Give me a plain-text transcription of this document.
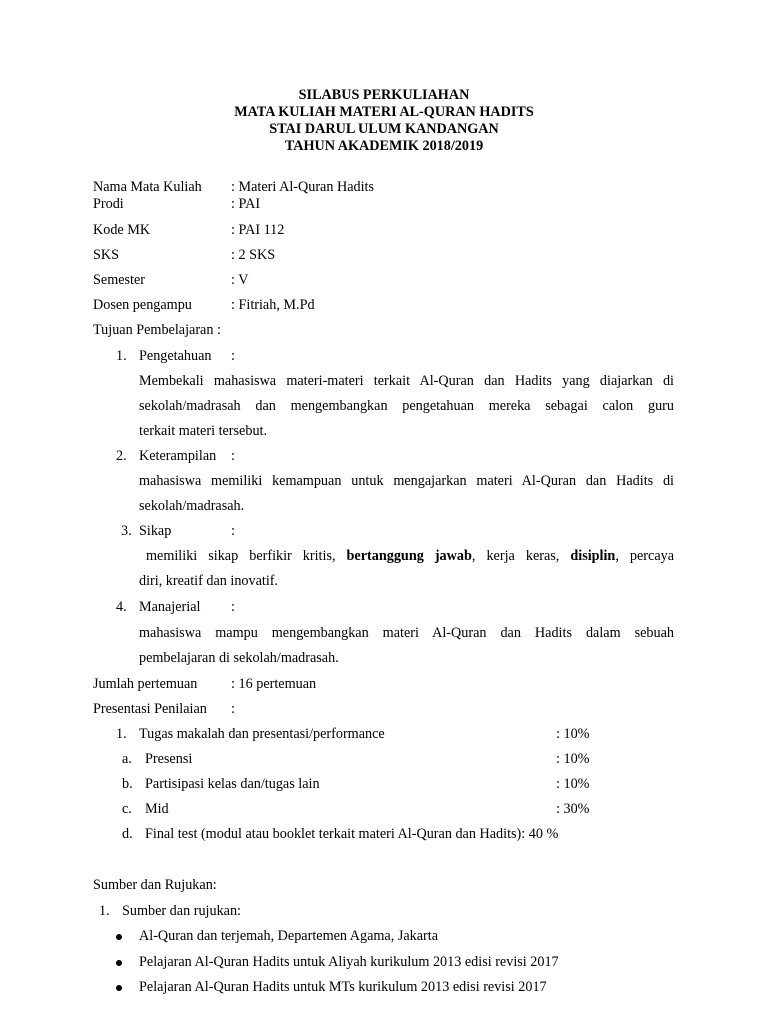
SILABUS PERKULIAHAN
MATA KULIAH MATERI AL-QURAN HADITS
STAI DARUL ULUM KANDANGAN
TAHUN AKADEMIK 2018/2019
Nama Mata Kuliah : Materi Al-Quran Hadits
Prodi	: PAI
Kode MK	: PAI 112
SKS	: 2 SKS
Semester	: V
Dosen pengampu	: Fitriah, M.Pd
Tujuan Pembelajaran :
1. Pengetahuan :
Membekali mahasiswa materi-materi terkait Al-Quran dan Hadits yang diajarkan di
sekolah/madrasah dan mengembangkan pengetahuan mereka sebagai calon guru
terkait materi tersebut.
2. Keterampilan :
mahasiswa memiliki kemampuan untuk mengajarkan materi Al-Quran dan Hadits di
sekolah/madrasah.
3. Sikap	:
memiliki sikap berfikir kritis, bertanggung jawab, kerja keras, disiplin, percaya
diri, kreatif dan inovatif.
4. Manajerial :
mahasiswa mampu mengembangkan materi Al-Quran dan Hadits dalam sebuah
pembelajaran di sekolah/madrasah.
Jumlah pertemuan : 16 pertemuan
Presentasi Penilaian :
1. Tugas makalah dan presentasi/performance	: 10%
a. Presensi	: 10%
b. Partisipasi kelas dan/tugas lain	: 10%
c. Mid	: 30%
d. Final test (modul atau booklet terkait materi Al-Quran dan Hadits): 40 %
Sumber dan Rujukan:
1. Sumber dan rujukan:
Al-Quran dan terjemah, Departemen Agama, Jakarta
Pelajaran Al-Quran Hadits untuk Aliyah kurikulum 2013 edisi revisi 2017
Pelajaran Al-Quran Hadits untuk MTs kurikulum 2013 edisi revisi 2017
